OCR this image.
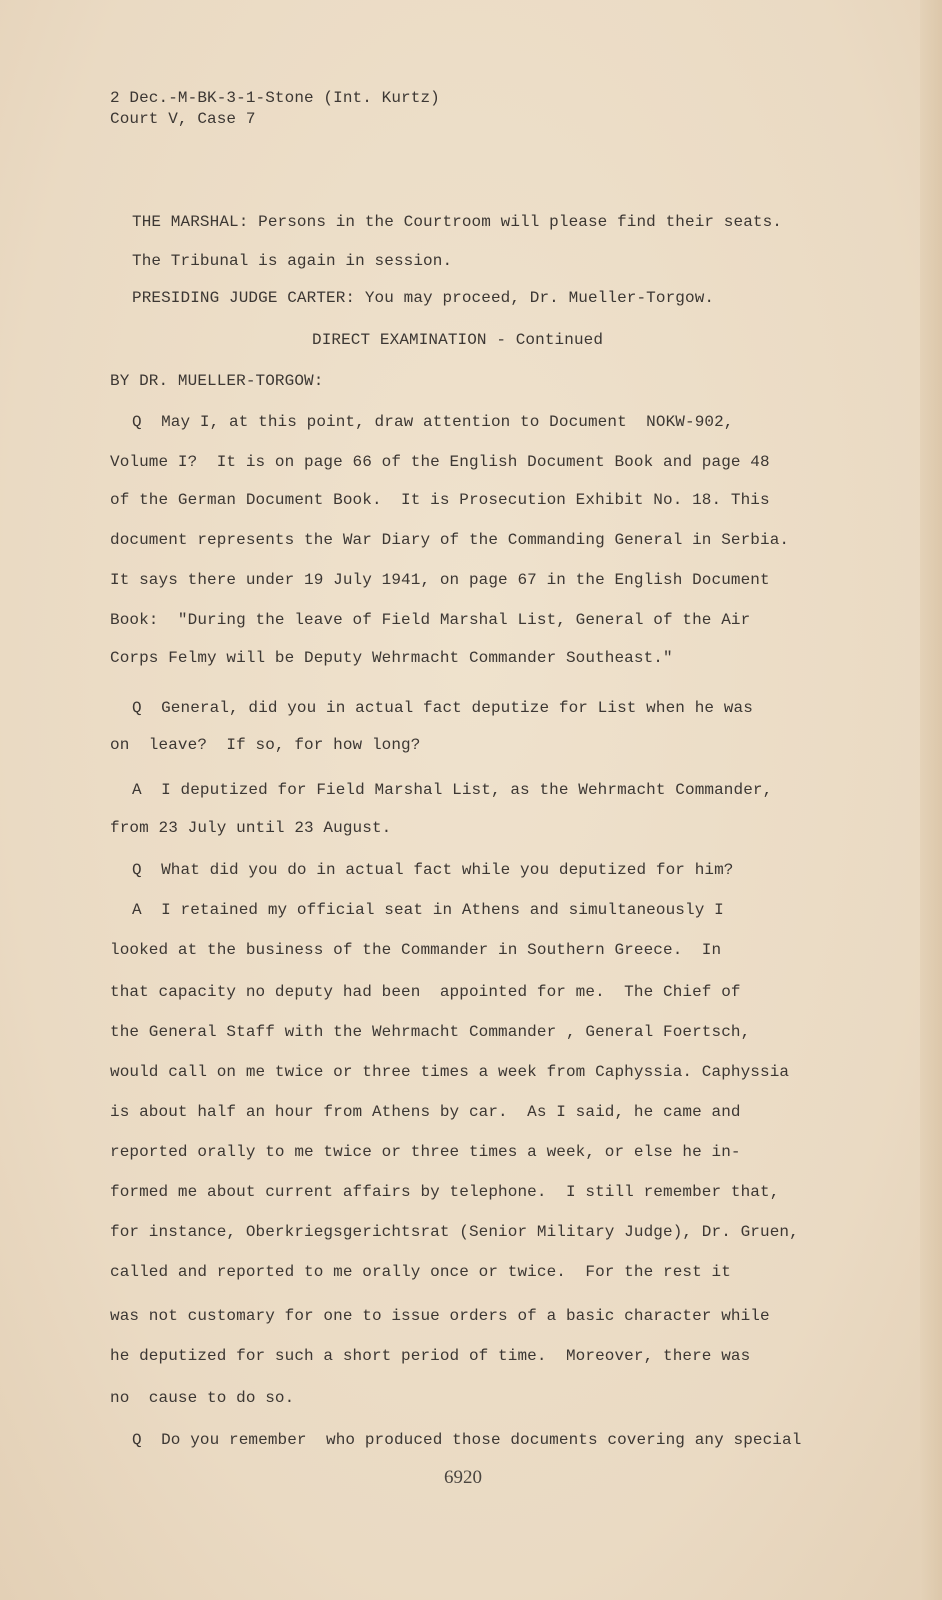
2 Dec.-M-BK-3-1-Stone (Int. Kurtz)
Court V, Case 7
THE MARSHAL: Persons in the Courtroom will please find their seats.
The Tribunal is again in session.
PRESIDING JUDGE CARTER: You may proceed, Dr. Mueller-Torgow.
DIRECT EXAMINATION - Continued
BY DR. MUELLER-TORGOW:
Q  May I, at this point, draw attention to Document  NOKW-902,
Volume I?  It is on page 66 of the English Document Book and page 48
of the German Document Book.  It is Prosecution Exhibit No. 18. This
document represents the War Diary of the Commanding General in Serbia.
It says there under 19 July 1941, on page 67 in the English Document
Book:  "During the leave of Field Marshal List, General of the Air
Corps Felmy will be Deputy Wehrmacht Commander Southeast."
Q  General, did you in actual fact deputize for List when he was
on  leave?  If so, for how long?
A  I deputized for Field Marshal List, as the Wehrmacht Commander,
from 23 July until 23 August.
Q  What did you do in actual fact while you deputized for him?
A  I retained my official seat in Athens and simultaneously I
looked at the business of the Commander in Southern Greece.  In
that capacity no deputy had been  appointed for me.  The Chief of
the General Staff with the Wehrmacht Commander , General Foertsch,
would call on me twice or three times a week from Caphyssia. Caphyssia
is about half an hour from Athens by car.  As I said, he came and
reported orally to me twice or three times a week, or else he in-
formed me about current affairs by telephone.  I still remember that,
for instance, Oberkriegsgerichtsrat (Senior Military Judge), Dr. Gruen,
called and reported to me orally once or twice.  For the rest it
was not customary for one to issue orders of a basic character while
he deputized for such a short period of time.  Moreover, there was
no  cause to do so.
Q  Do you remember  who produced those documents covering any special
6920
